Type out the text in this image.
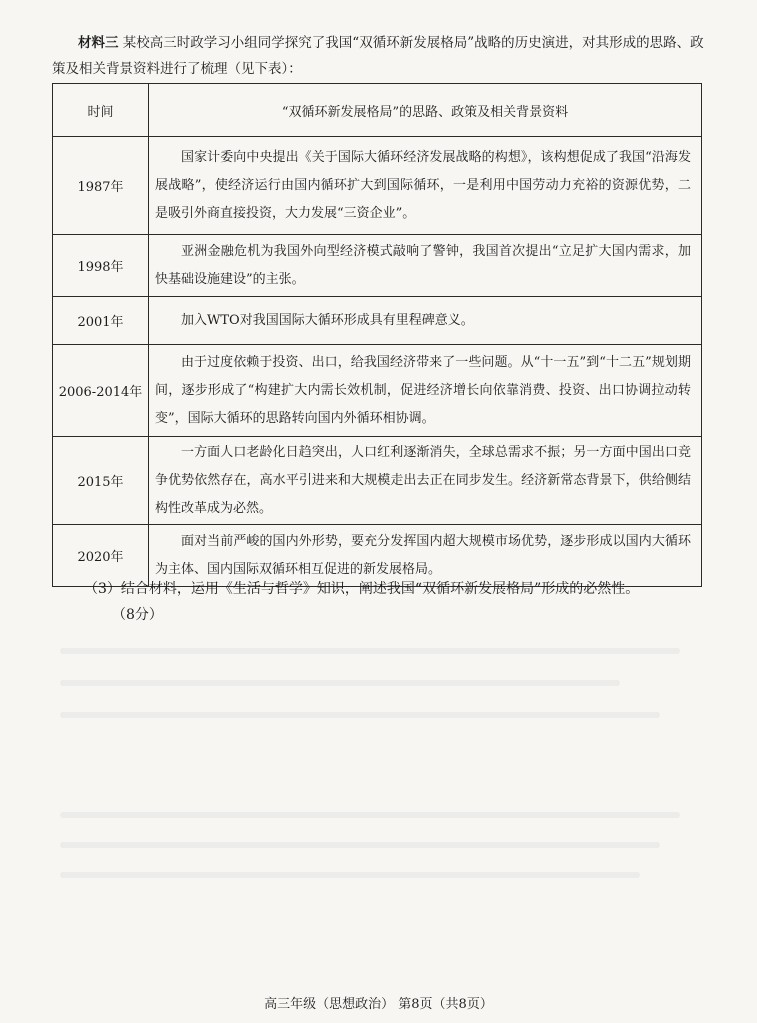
材料三 某校高三时政学习小组同学探究了我国“双循环新发展格局”战略的历史演进，对其形成的思路、政策及相关背景资料进行了梳理（见下表）：
时间	“双循环新发展格局”的思路、政策及相关背景资料
1987年	国家计委向中央提出《关于国际大循环经济发展战略的构想》，该构想促成了我国“沿海发展战略”，使经济运行由国内循环扩大到国际循环，一是利用中国劳动力充裕的资源优势，二是吸引外商直接投资，大力发展“三资企业”。
1998年	亚洲金融危机为我国外向型经济模式敲响了警钟，我国首次提出“立足扩大国内需求，加快基础设施建设”的主张。
2001年	加入WTO对我国国际大循环形成具有里程碑意义。
2006-2014年	由于过度依赖于投资、出口，给我国经济带来了一些问题。从“十一五”到“十二五”规划期间，逐步形成了“构建扩大内需长效机制，促进经济增长向依靠消费、投资、出口协调拉动转变”，国际大循环的思路转向国内外循环相协调。
2015年	一方面人口老龄化日趋突出，人口红利逐渐消失，全球总需求不振；另一方面中国出口竞争优势依然存在，高水平引进来和大规模走出去正在同步发生。经济新常态背景下，供给侧结构性改革成为必然。
2020年	面对当前严峻的国内外形势，要充分发挥国内超大规模市场优势，逐步形成以国内大循环为主体、国内国际双循环相互促进的新发展格局。
（3）结合材料，运用《生活与哲学》知识，阐述我国“双循环新发展格局”形成的必然性。
（8分）
高三年级（思想政治） 第8页（共8页）
